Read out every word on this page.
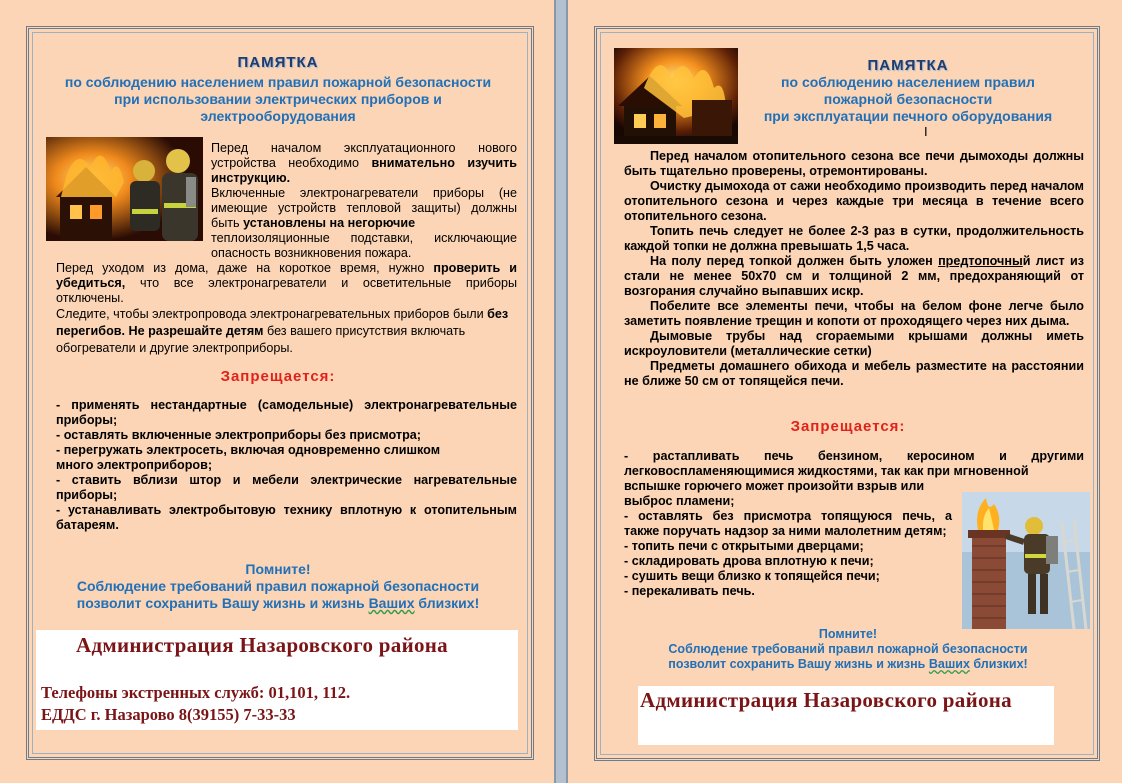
ПАМЯТКА
по соблюдению населением правил пожарной безопасности
при использовании электрических приборов и
электрооборудования
Перед началом эксплуатационного нового устройства необходимо внимательно изучить инструкцию.
Включенные электронагреватели приборы (не имеющие устройств тепловой защиты) должны быть установлены на негорючие
теплоизоляционные подставки, исключающие опасность возникновения пожара.
Перед уходом из дома, даже на короткое время, нужно проверить и убедиться, что все электронагреватели и осветительные приборы отключены.
Следите, чтобы электропровода электронагревательных приборов были без перегибов. Не разрешайте детям без вашего присутствия включать обогреватели и другие электроприборы.
Запрещается:
- применять нестандартные (самодельные) электронагревательные приборы;
- оставлять включенные электроприборы без присмотра;
- перегружать электросеть, включая одновременно слишком
много электроприборов;
- ставить вблизи штор и мебели электрические нагревательные приборы;
- устанавливать электробытовую технику вплотную к отопительным батареям.
Помните!
Соблюдение требований правил пожарной безопасности
позволит сохранить Вашу жизнь и жизнь Ваших близких!
Администрация Назаровского района
Телефоны экстренных служб: 01,101, 112.
ЕДДС г. Назарово 8(39155) 7-33-33
ПАМЯТКА
по соблюдению населением правил
пожарной безопасности
при эксплуатации печного оборудования
I

Перед началом отопительного сезона все печи дымоходы должны быть тщательно проверены, отремонтированы.

Очистку дымохода от сажи необходимо производить перед началом отопительного сезона и через каждые три месяца в течение всего отопительного сезона.

Топить печь следует не более 2-3 раз в сутки, продолжительность каждой топки не должна превышать 1,5 часа.

На полу перед топкой должен быть уложен предтопочный лист из стали не менее 50х70 см и толщиной 2 мм, предохраняющий от возгорания случайно выпавших искр.

Побелите все элементы печи, чтобы на белом фоне легче было заметить появление трещин и копоти от проходящего через них дыма.

Дымовые трубы над сгораемыми крышами должны иметь искроуловители (металлические сетки)

Предметы домашнего обихода и мебель разместите на расстоянии не ближе 50 см от топящейся печи.

Запрещается:
- растапливать печь бензином, керосином и другими легковоспламеняющимися жидкостями, так как при мгновенной
вспышке горючего может произойти взрыв или выброс пламени;
- оставлять без присмотра топящуюся печь, а также поручать надзор за ними малолетним детям;
- топить печи с открытыми дверцами;
- складировать дрова вплотную к печи;
- сушить вещи близко к топящейся печи;
- перекаливать печь.
Помните!
Соблюдение требований правил пожарной безопасности
позволит сохранить Вашу жизнь и жизнь Ваших близких!
Администрация Назаровского района
